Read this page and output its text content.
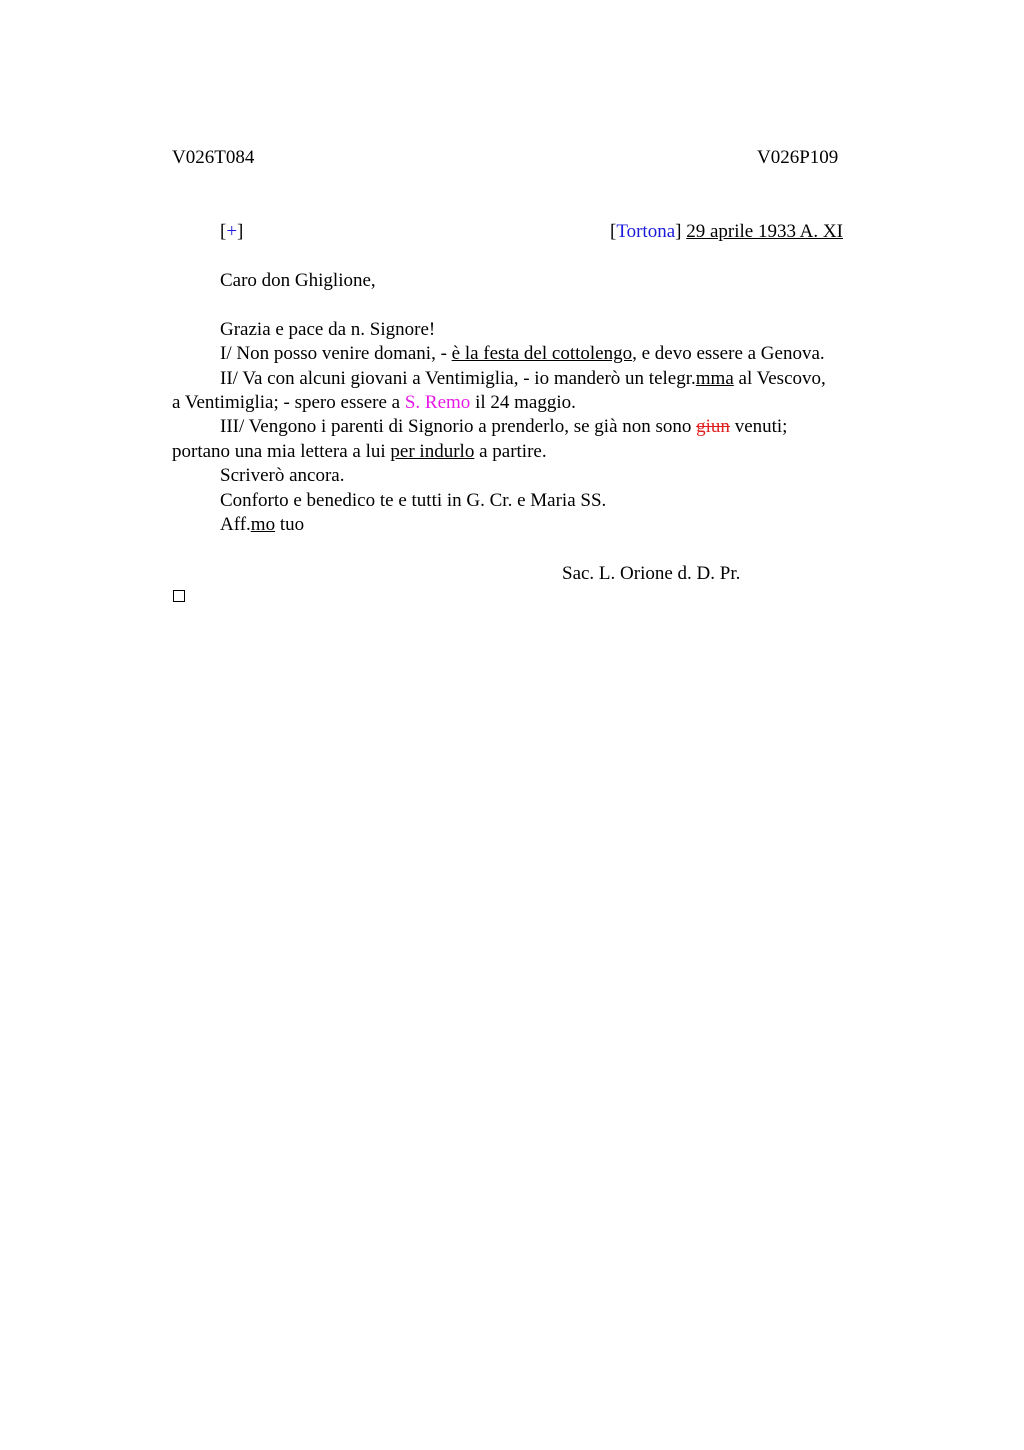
V026T084	V026P109
[+]	[Tortona] 29 aprile 1933 A. XI
Caro don Ghiglione,
Grazia e pace da n. Signore!
I/ Non posso venire domani, - è la festa del cottolengo, e devo essere a Genova.
II/ Va con alcuni giovani a Ventimiglia, - io manderò un telegr.mma al Vescovo,
a Ventimiglia; - spero essere a S. Remo il 24 maggio.
III/ Vengono i parenti di Signorio a prenderlo, se già non sono giun venuti;
portano una mia lettera a lui per indurlo a partire.
Scriverò ancora.
Conforto e benedico te e tutti in G. Cr. e Maria SS.
Aff.mo tuo
Sac. L. Orione d. D. Pr.
